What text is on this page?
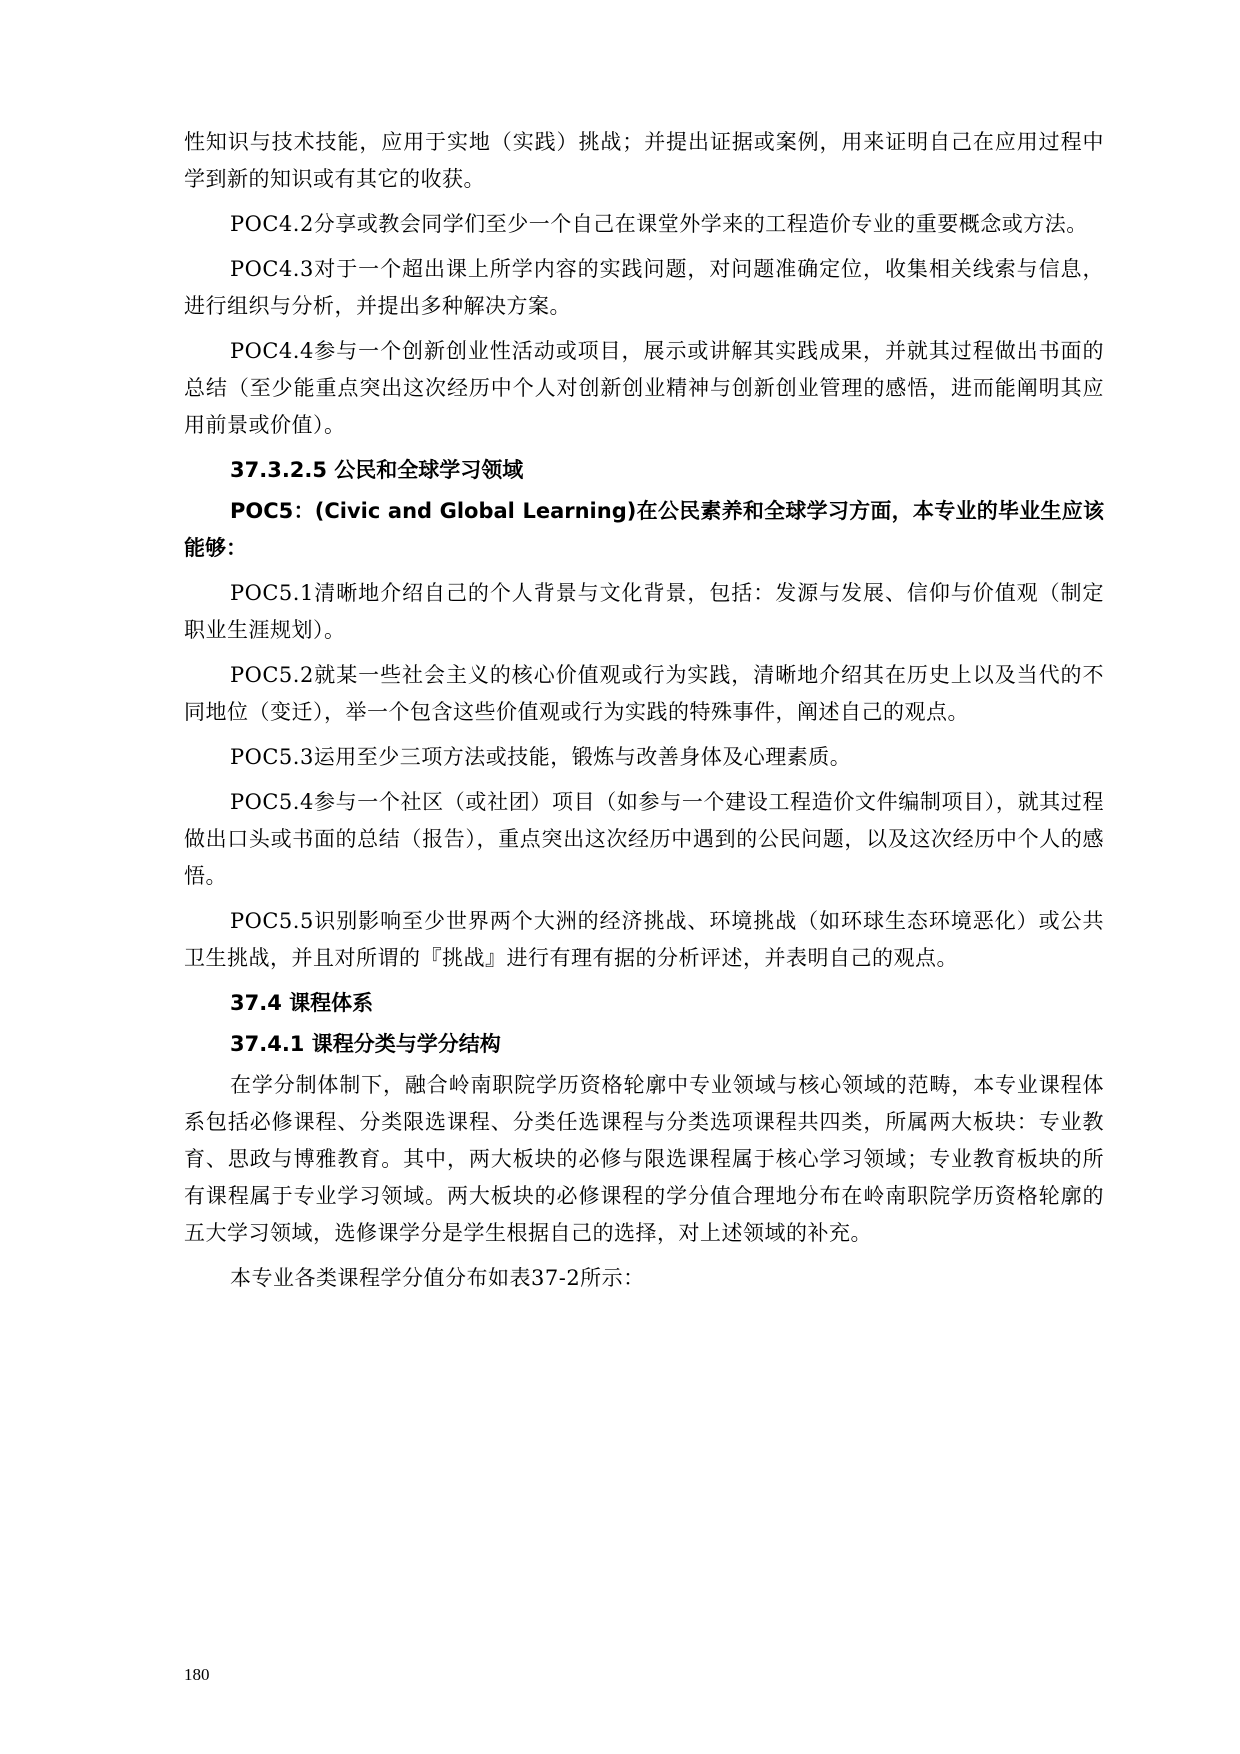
性知识与技术技能，应用于实地（实践）挑战；并提出证据或案例，用来证明自己在应用过程中学到新的知识或有其它的收获。

POC4.2分享或教会同学们至少一个自己在课堂外学来的工程造价专业的重要概念或方法。

POC4.3对于一个超出课上所学内容的实践问题，对问题准确定位，收集相关线索与信息，进行组织与分析，并提出多种解决方案。

POC4.4参与一个创新创业性活动或项目，展示或讲解其实践成果，并就其过程做出书面的总结（至少能重点突出这次经历中个人对创新创业精神与创新创业管理的感悟，进而能阐明其应用前景或价值）。

37.3.2.5 公民和全球学习领域

POC5：(Civic and Global Learning)在公民素养和全球学习方面，本专业的毕业生应该能够：

POC5.1清晰地介绍自己的个人背景与文化背景，包括：发源与发展、信仰与价值观（制定职业生涯规划）。

POC5.2就某一些社会主义的核心价值观或行为实践，清晰地介绍其在历史上以及当代的不同地位（变迁），举一个包含这些价值观或行为实践的特殊事件，阐述自己的观点。

POC5.3运用至少三项方法或技能，锻炼与改善身体及心理素质。

POC5.4参与一个社区（或社团）项目（如参与一个建设工程造价文件编制项目），就其过程做出口头或书面的总结（报告），重点突出这次经历中遇到的公民问题，以及这次经历中个人的感悟。

POC5.5识别影响至少世界两个大洲的经济挑战、环境挑战（如环球生态环境恶化）或公共卫生挑战，并且对所谓的『挑战』进行有理有据的分析评述，并表明自己的观点。

37.4 课程体系
37.4.1 课程分类与学分结构

在学分制体制下，融合岭南职院学历资格轮廓中专业领域与核心领域的范畴，本专业课程体系包括必修课程、分类限选课程、分类任选课程与分类选项课程共四类，所属两大板块：专业教育、思政与博雅教育。其中，两大板块的必修与限选课程属于核心学习领域；专业教育板块的所有课程属于专业学习领域。两大板块的必修课程的学分值合理地分布在岭南职院学历资格轮廓的五大学习领域，选修课学分是学生根据自己的选择，对上述领域的补充。

本专业各类课程学分值分布如表37-2所示：

180
